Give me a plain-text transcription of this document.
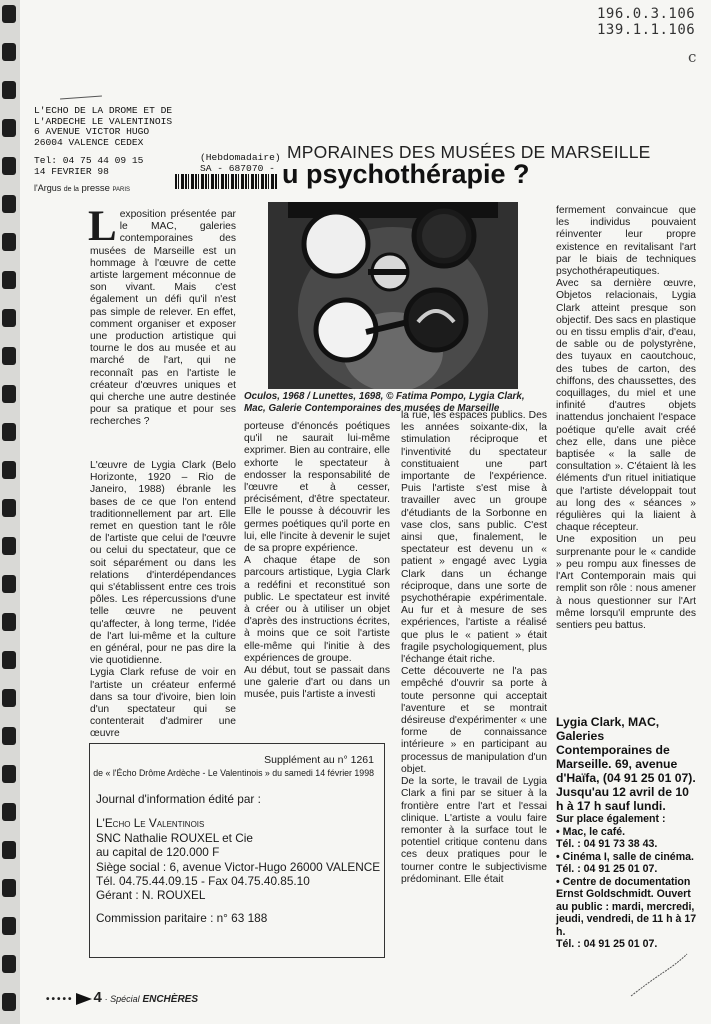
196.0.3.106
139.1.1.106
c
L'ECHO DE LA DROME ET DE
L'ARDECHE LE VALENTINOIS
6 AVENUE VICTOR HUGO
26004 VALENCE CEDEX
Tel: 04 75 44 09 15
14 FEVRIER 98
(Hebdomadaire)
SA - 687070 -
l'Argus de la presse PARIS
MPORAINES DES MUSÉES DE MARSEILLE
u psychothérapie ?

Lexposition présentée par le MAC, galeries contemporaines des musées de Marseille est un hommage à l'œuvre de cette artiste largement méconnue de son vivant. Mais c'est également un défi qu'il n'est pas simple de relever. En effet, comment organiser et exposer une production artistique qui tourne le dos au musée et au marché de l'art, qui ne reconnaît pas en l'artiste le créateur d'œuvres uniques et qui cherche une autre destinée pour sa pratique et pour ses recherches ?

Oculos, 1968 / Lunettes, 1698, © Fatima Pompo, Lygia Clark, Mac, Galerie Contemporaines des musées de Marseille

L'œuvre de Lygia Clark (Belo Horizonte, 1920 – Rio de Janeiro, 1988) ébranle les bases de ce que l'on entend traditionnellement par art. Elle remet en question tant le rôle de l'artiste que celui de l'œuvre ou celui du spectateur, que ce soit séparément ou dans les relations d'interdépendances qui s'établissent entre ces trois pôles. Les répercussions d'une telle œuvre ne peuvent qu'affecter, à long terme, l'idée de l'art lui-même et la culture en général, pour ne pas dire la vie quotidienne.

Lygia Clark refuse de voir en l'artiste un créateur enfermé dans sa tour d'ivoire, bien loin d'un spectateur qui se contenterait d'admirer une œuvre

porteuse d'énoncés poétiques qu'il ne saurait lui-même exprimer. Bien au contraire, elle exhorte le spectateur à endosser la responsabilité de l'œuvre et à cesser, précisément, d'être spectateur. Elle le pousse à découvrir les germes poétiques qu'il porte en lui, elle l'incite à devenir le sujet de sa propre expérience.

A chaque étape de son parcours artistique, Lygia Clark a redéfini et reconstitué son public. Le spectateur est invité à créer ou à utiliser un objet d'après des instructions écrites, à moins que ce soit l'artiste elle-même qui l'initie à des expériences de groupe.

Au début, tout se passait dans une galerie d'art ou dans un musée, puis l'artiste a investi

la rue, les espaces publics. Des les années soixante-dix, la stimulation réciproque et l'inventivité du spectateur constituaient une part importante de l'expérience. Puis l'artiste s'est mise à travailler avec un groupe d'étudiants de la Sorbonne en vase clos, sans public. C'est ainsi que, finalement, le spectateur est devenu un « patient » engagé avec Lygia Clark dans un échange réciproque, dans une sorte de psychothérapie expérimentale. Au fur et à mesure de ses expériences, l'artiste a réalisé que plus le « patient » était fragile psychologiquement, plus l'échange était riche.

Cette découverte ne l'a pas empêché d'ouvrir sa porte à toute personne qui acceptait l'aventure et se montrait désireuse d'expérimenter « une forme de connaissance intérieure » en participant au processus de manipulation d'un objet.

De la sorte, le travail de Lygia Clark a fini par se situer à la frontière entre l'art et l'essai clinique. L'artiste a voulu faire remonter à la surface tout le potentiel critique contenu dans ces deux pratiques pour le tourner contre le subjectivisme prédominant. Elle était

fermement convaincue que les individus pouvaient réinventer leur propre existence en revitalisant l'art par le biais de techniques psychothérapeutiques.

Avec sa dernière œuvre, Objetos relacionais, Lygia Clark atteint presque son objectif. Des sacs en plastique ou en tissu emplis d'air, d'eau, de sable ou de polystyrène, des tuyaux en caoutchouc, des tubes de carton, des chiffons, des chaussettes, des coquillages, du miel et une infinité d'autres objets inattendus jonchaient l'espace poétique qu'elle avait créé chez elle, dans une pièce baptisée « la salle de consultation ». C'étaient là les éléments d'un rituel initiatique que l'artiste développait tout au long des « séances » régulières qui la liaient à chaque récepteur.

Une exposition un peu surprenante pour le « candide » peu rompu aux finesses de l'Art Contemporain mais qui remplit son rôle : nous amener à nous questionner sur l'Art même lorsqu'il emprunte des sentiers peu battus.

Lygia Clark, MAC, Galeries Contemporaines de Marseille. 69, avenue d'Haïfa, (04 91 25 01 07). Jusqu'au 12 avril de 10 h à 17 h sauf lundi.

Sur place également :

• Mac, le café.

Tél. : 04 91 73 38 43.

• Cinéma I, salle de cinéma.

Tél. : 04 91 25 01 07.

• Centre de documentation Ernst Goldschmidt. Ouvert au public : mardi, mercredi, jeudi, vendredi, de 11 h à 17 h.

Tél. : 04 91 25 01 07.

Supplément au n° 1261
de « l'Écho Drôme Ardèche - Le Valentinois » du samedi 14 février 1998
Journal d'information édité par :
L'Echo Le Valentinois
SNC Nathalie ROUXEL et Cie
au capital de 120.000 F
Siège social : 6, avenue Victor-Hugo 26000 VALENCE
Tél. 04.75.44.09.15 - Fax 04.75.40.85.10
Gérant : N. ROUXEL
Commission paritaire : n° 63 188
••••• 4 · Spécial ENCHÈRES
